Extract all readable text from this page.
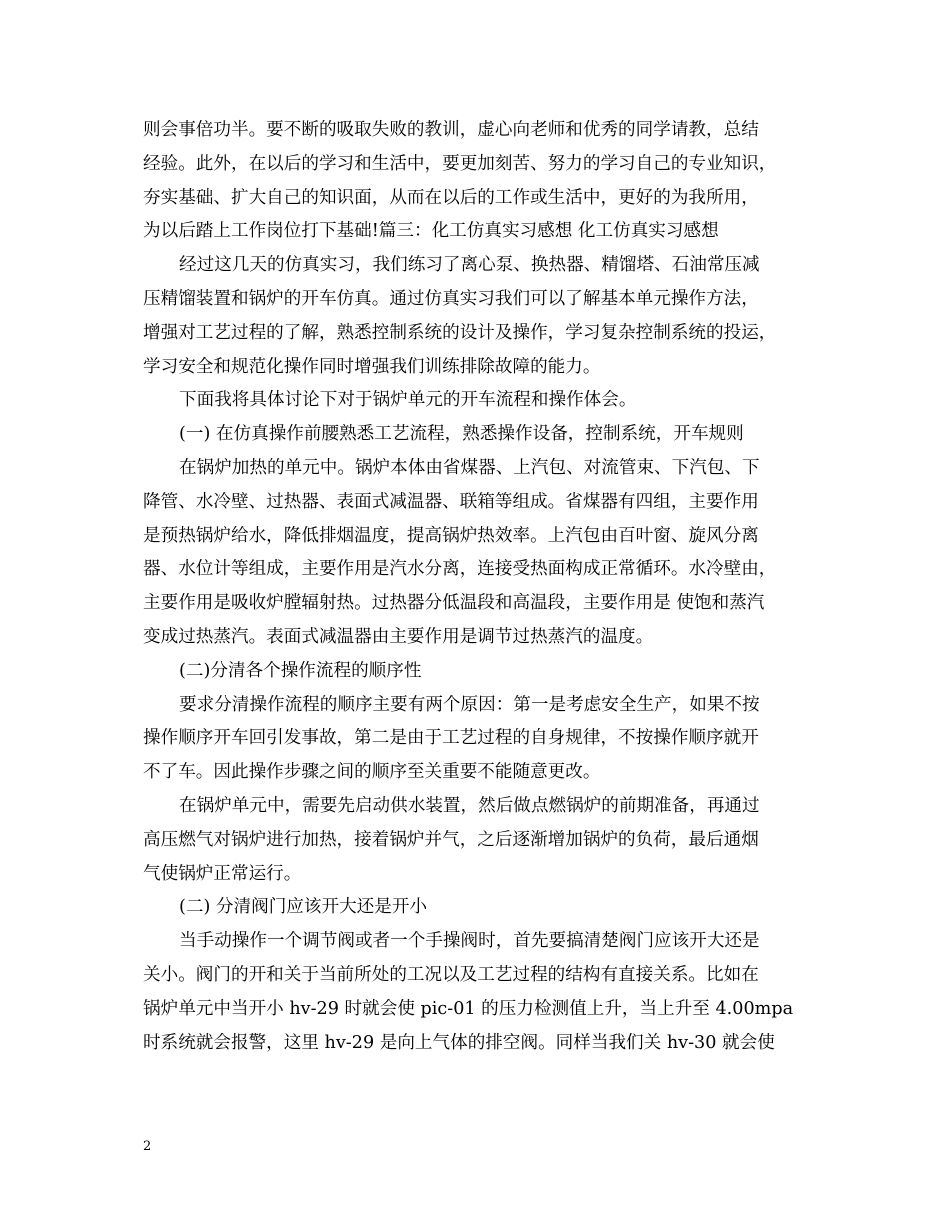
则会事倍功半。要不断的吸取失败的教训，虚心向老师和优秀的同学请教，总结
经验。此外，在以后的学习和生活中，要更加刻苦、努力的学习自己的专业知识，
夯实基础、扩大自己的知识面，从而在以后的工作或生活中，更好的为我所用，
为以后踏上工作岗位打下基础!篇三：化工仿真实习感想 化工仿真实习感想
经过这几天的仿真实习，我们练习了离心泵、换热器、精馏塔、石油常压减
压精馏装置和锅炉的开车仿真。通过仿真实习我们可以了解基本单元操作方法，
增强对工艺过程的了解，熟悉控制系统的设计及操作，学习复杂控制系统的投运，
学习安全和规范化操作同时增强我们训练排除故障的能力。
下面我将具体讨论下对于锅炉单元的开车流程和操作体会。
(一) 在仿真操作前腰熟悉工艺流程，熟悉操作设备，控制系统，开车规则
在锅炉加热的单元中。锅炉本体由省煤器、上汽包、对流管束、下汽包、下
降管、水冷壁、过热器、表面式减温器、联箱等组成。省煤器有四组，主要作用
是预热锅炉给水，降低排烟温度，提高锅炉热效率。上汽包由百叶窗、旋风分离
器、水位计等组成，主要作用是汽水分离，连接受热面构成正常循环。水冷壁由，
主要作用是吸收炉膛辐射热。过热器分低温段和高温段，主要作用是 使饱和蒸汽
变成过热蒸汽。表面式减温器由主要作用是调节过热蒸汽的温度。
(二)分清各个操作流程的顺序性
要求分清操作流程的顺序主要有两个原因：第一是考虑安全生产，如果不按
操作顺序开车回引发事故，第二是由于工艺过程的自身规律，不按操作顺序就开
不了车。因此操作步骤之间的顺序至关重要不能随意更改。
在锅炉单元中，需要先启动供水装置，然后做点燃锅炉的前期准备，再通过
高压燃气对锅炉进行加热，接着锅炉并气，之后逐渐增加锅炉的负荷，最后通烟
气使锅炉正常运行。
(二) 分清阀门应该开大还是开小
当手动操作一个调节阀或者一个手操阀时，首先要搞清楚阀门应该开大还是
关小。阀门的开和关于当前所处的工况以及工艺过程的结构有直接关系。比如在
锅炉单元中当开小 hv-29 时就会使 pic-01 的压力检测值上升，当上升至 4.00mpa
时系统就会报警，这里 hv-29 是向上气体的排空阀。同样当我们关 hv-30 就会使
2
